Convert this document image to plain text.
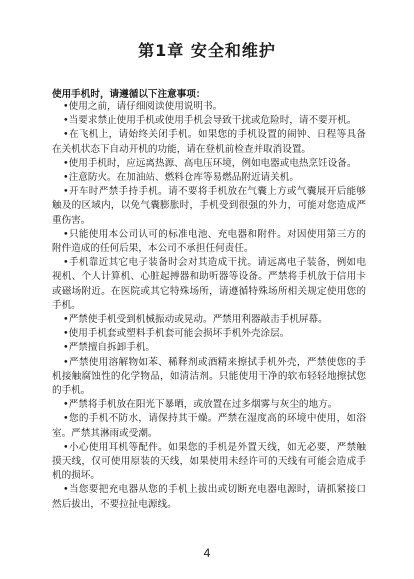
第1章 安全和维护
使用手机时，请遵循以下注意事项：

•使用之前，请仔细阅读使用说明书。

•当要求禁止使用手机或使用手机会导致干扰或危险时，请不要开机。

•在飞机上，请始终关闭手机。如果您的手机设置的闹钟、日程等具备在关机状态下自动开机的功能，请在登机前检查并取消设置。

•使用手机时，应远离热源、高电压环境，例如电器或电热烹饪设备。

•注意防火。在加油站、燃料仓库等易燃品附近请关机。

•开车时严禁手持手机。请不要将手机放在气囊上方或气囊展开后能够触及的区域内，以免气囊膨胀时，手机受到很强的外力，可能对您造成严重伤害。

•只能使用本公司认可的标准电池、充电器和附件。对因使用第三方的附件造成的任何后果，本公司不承担任何责任。

•手机靠近其它电子装备时会对其造成干扰。请远离电子装备，例如电视机、个人计算机、心脏起搏器和助听器等设备。严禁将手机放于信用卡或磁场附近。在医院或其它特殊场所，请遵循特殊场所相关规定使用您的手机。

•严禁使手机受到机械振动或晃动。严禁用利器敲击手机屏幕。

•使用手机套或塑料手机套可能会损坏手机外壳涂层。

•严禁擅自拆卸手机。

•严禁使用溶解物如苯、稀释剂或酒精来擦拭手机外壳，严禁使您的手机接触腐蚀性的化学物品，如清洁剂。只能使用干净的软布轻轻地擦拭您的手机。

•严禁将手机放在阳光下暴晒，或放置在过多烟雾与灰尘的地方。

•您的手机不防水，请保持其干燥。严禁在湿度高的环境中使用，如浴室。严禁其淋雨或受潮。

•小心使用耳机等配件。如果您的手机是外置天线，如无必要，严禁触摸天线，仅可使用原装的天线，如果使用未经许可的天线有可能会造成手机的损坏。

•当您要把充电器从您的手机上拔出或切断充电器电源时，请抓紧接口然后拔出，不要拉扯电源线。

4
